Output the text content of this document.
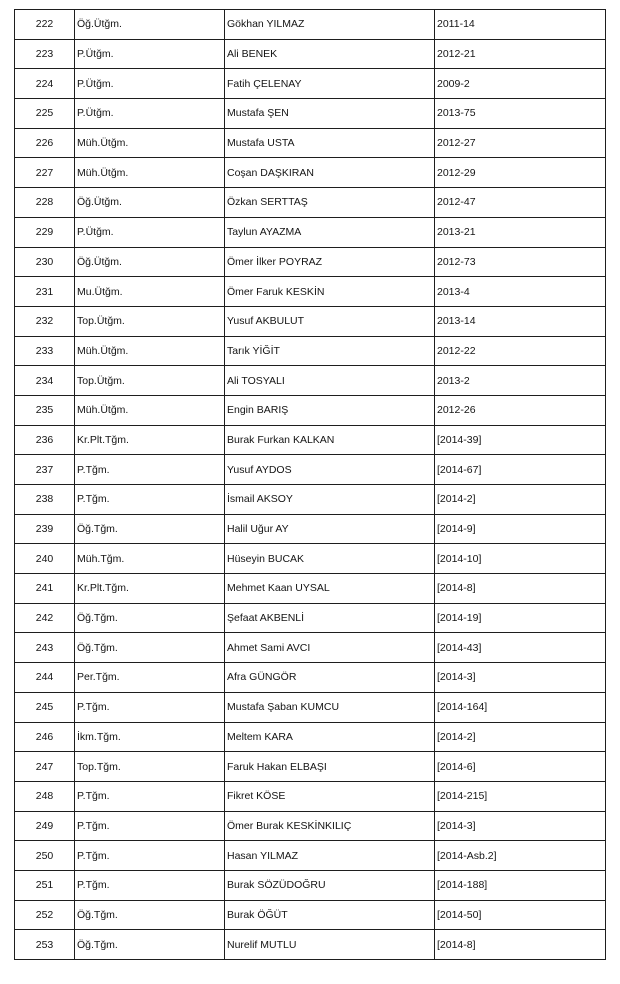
222	Öğ.Ütğm.	Gökhan YILMAZ	2011-14
223	P.Ütğm.	Ali BENEK	2012-21
224	P.Ütğm.	Fatih ÇELENAY	2009-2
225	P.Ütğm.	Mustafa ŞEN	2013-75
226	Müh.Ütğm.	Mustafa USTA	2012-27
227	Müh.Ütğm.	Coşan DAŞKIRAN	2012-29
228	Öğ.Ütğm.	Özkan SERTTAŞ	2012-47
229	P.Ütğm.	Taylun AYAZMA	2013-21
230	Öğ.Ütğm.	Ömer İlker POYRAZ	2012-73
231	Mu.Ütğm.	Ömer Faruk KESKİN	2013-4
232	Top.Ütğm.	Yusuf AKBULUT	2013-14
233	Müh.Ütğm.	Tarık YİĞİT	2012-22
234	Top.Ütğm.	Ali TOSYALI	2013-2
235	Müh.Ütğm.	Engin BARIŞ	2012-26
236	Kr.Plt.Tğm.	Burak Furkan KALKAN	[2014-39]
237	P.Tğm.	Yusuf AYDOS	[2014-67]
238	P.Tğm.	İsmail AKSOY	[2014-2]
239	Öğ.Tğm.	Halil Uğur AY	[2014-9]
240	Müh.Tğm.	Hüseyin BUCAK	[2014-10]
241	Kr.Plt.Tğm.	Mehmet Kaan UYSAL	[2014-8]
242	Öğ.Tğm.	Şefaat AKBENLİ	[2014-19]
243	Öğ.Tğm.	Ahmet Sami AVCI	[2014-43]
244	Per.Tğm.	Afra GÜNGÖR	[2014-3]
245	P.Tğm.	Mustafa Şaban KUMCU	[2014-164]
246	İkm.Tğm.	Meltem KARA	[2014-2]
247	Top.Tğm.	Faruk Hakan ELBAŞI	[2014-6]
248	P.Tğm.	Fikret KÖSE	[2014-215]
249	P.Tğm.	Ömer Burak KESKİNKILIÇ	[2014-3]
250	P.Tğm.	Hasan YILMAZ	[2014-Asb.2]
251	P.Tğm.	Burak SÖZÜDOĞRU	[2014-188]
252	Öğ.Tğm.	Burak ÖĞÜT	[2014-50]
253	Öğ.Tğm.	Nurelif MUTLU	[2014-8]
